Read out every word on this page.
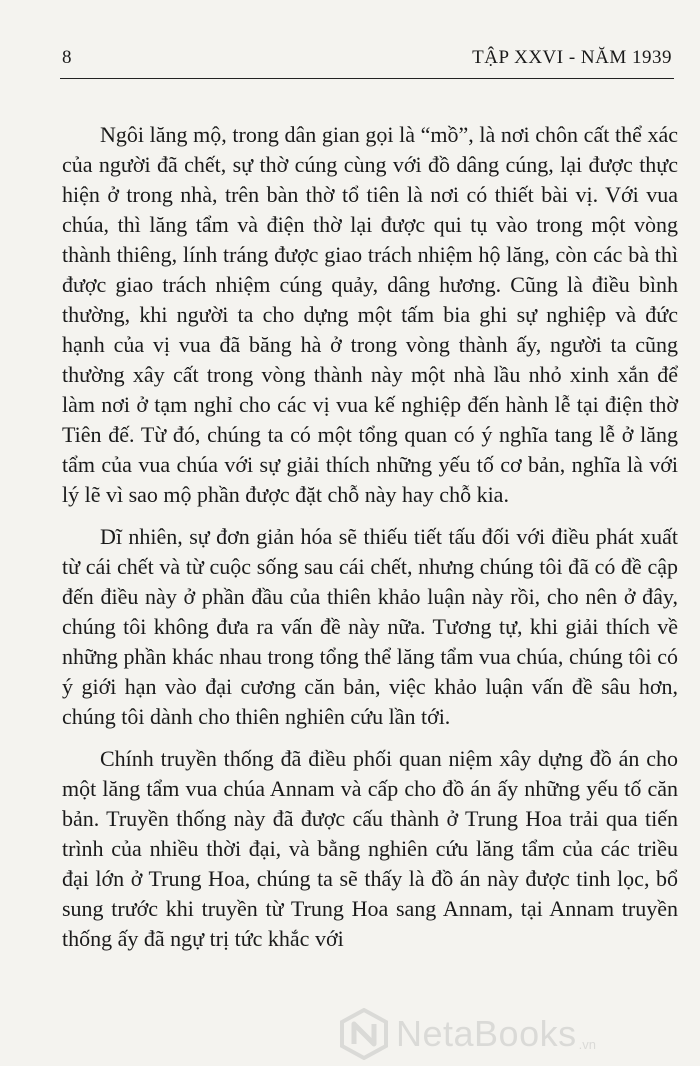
8	TẬP XXVI - NĂM 1939

Ngôi lăng mộ, trong dân gian gọi là “mồ”, là nơi chôn cất thể xác của người đã chết, sự thờ cúng cùng với đồ dâng cúng, lại được thực hiện ở trong nhà, trên bàn thờ tổ tiên là nơi có thiết bài vị. Với vua chúa, thì lăng tẩm và điện thờ lại được qui tụ vào trong một vòng thành thiêng, lính tráng được giao trách nhiệm hộ lăng, còn các bà thì được giao trách nhiệm cúng quảy, dâng hương. Cũng là điều bình thường, khi người ta cho dựng một tấm bia ghi sự nghiệp và đức hạnh của vị vua đã băng hà ở trong vòng thành ấy, người ta cũng thường xây cất trong vòng thành này một nhà lầu nhỏ xinh xắn để làm nơi ở tạm nghỉ cho các vị vua kế nghiệp đến hành lễ tại điện thờ Tiên đế. Từ đó, chúng ta có một tổng quan có ý nghĩa tang lễ ở lăng tẩm của vua chúa với sự giải thích những yếu tố cơ bản, nghĩa là với lý lẽ vì sao mộ phần được đặt chỗ này hay chỗ kia.

Dĩ nhiên, sự đơn giản hóa sẽ thiếu tiết tấu đối với điều phát xuất từ cái chết và từ cuộc sống sau cái chết, nhưng chúng tôi đã có đề cập đến điều này ở phần đầu của thiên khảo luận này rồi, cho nên ở đây, chúng tôi không đưa ra vấn đề này nữa. Tương tự, khi giải thích về những phần khác nhau trong tổng thể lăng tẩm vua chúa, chúng tôi có ý giới hạn vào đại cương căn bản, việc khảo luận vấn đề sâu hơn, chúng tôi dành cho thiên nghiên cứu lần tới.

Chính truyền thống đã điều phối quan niệm xây dựng đồ án cho một lăng tẩm vua chúa Annam và cấp cho đồ án ấy những yếu tố căn bản. Truyền thống này đã được cấu thành ở Trung Hoa trải qua tiến trình của nhiều thời đại, và bằng nghiên cứu lăng tẩm của các triều đại lớn ở Trung Hoa, chúng ta sẽ thấy là đồ án này được tinh lọc, bổ sung trước khi truyền từ Trung Hoa sang Annam, tại Annam truyền thống ấy đã ngự trị tức khắc với

NetaBooks .vn
